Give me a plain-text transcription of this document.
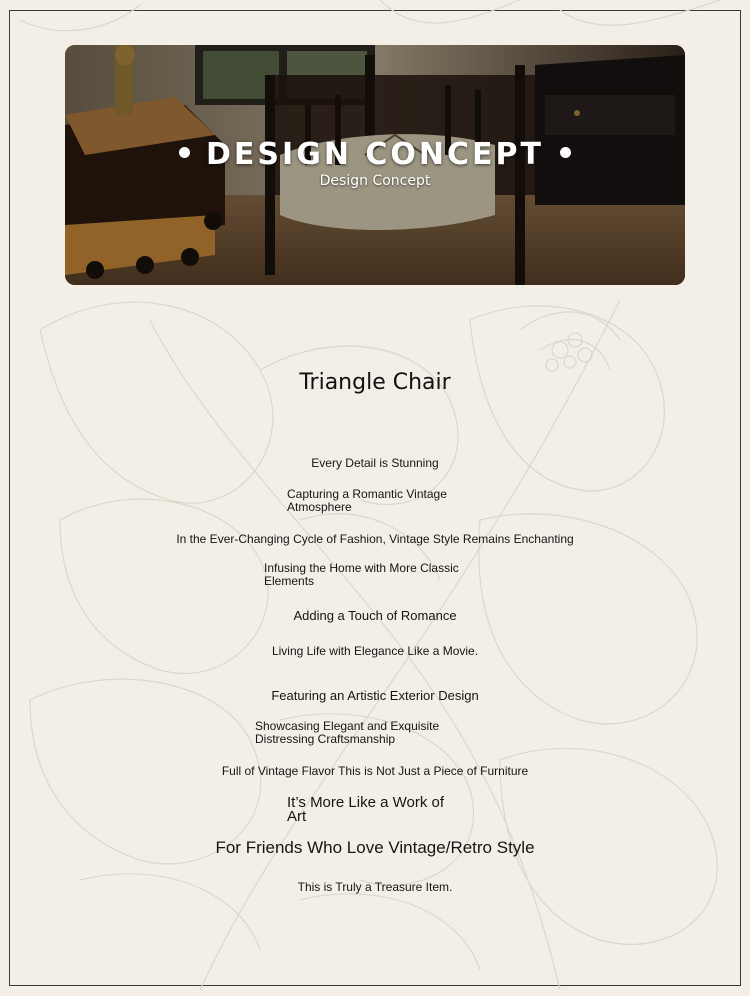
DESIGN CONCEPT
Design Concept
Triangle Chair
Every Detail is Stunning
Capturing a Romantic Vintage Atmosphere
In the Ever-Changing Cycle of Fashion, Vintage Style Remains Enchanting
Infusing the Home with More Classic Elements
Adding a Touch of Romance
Living Life with Elegance Like a Movie.
Featuring an Artistic Exterior Design
Showcasing Elegant and Exquisite Distressing Craftsmanship
Full of Vintage Flavor This is Not Just a Piece of Furniture
It’s More Like a Work of Art
For Friends Who Love Vintage/Retro Style
This is Truly a Treasure Item.
